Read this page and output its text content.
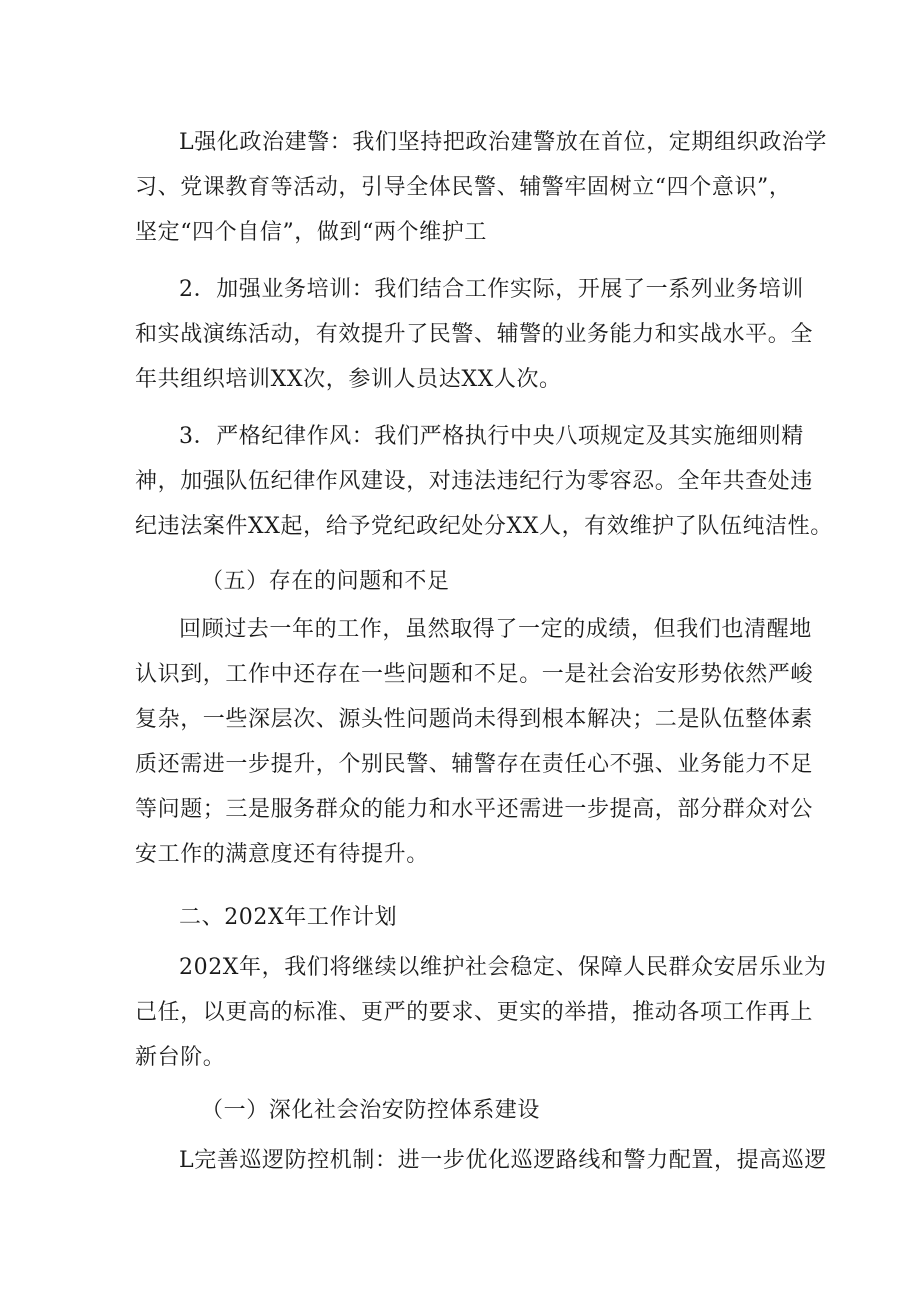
L强化政治建警：我们坚持把政治建警放在首位，定期组织政治学
习、党课教育等活动，引导全体民警、辅警牢固树立“四个意识”，
坚定“四个自信”，做到“两个维护工
2．加强业务培训：我们结合工作实际，开展了一系列业务培训
和实战演练活动，有效提升了民警、辅警的业务能力和实战水平。全
年共组织培训XX次，参训人员达XX人次。
3．严格纪律作风：我们严格执行中央八项规定及其实施细则精
神，加强队伍纪律作风建设，对违法违纪行为零容忍。全年共查处违
纪违法案件XX起，给予党纪政纪处分XX人，有效维护了队伍纯洁性。
（五）存在的问题和不足
回顾过去一年的工作，虽然取得了一定的成绩，但我们也清醒地
认识到，工作中还存在一些问题和不足。一是社会治安形势依然严峻
复杂，一些深层次、源头性问题尚未得到根本解决；二是队伍整体素
质还需进一步提升，个别民警、辅警存在责任心不强、业务能力不足
等问题；三是服务群众的能力和水平还需进一步提高，部分群众对公
安工作的满意度还有待提升。
二、202X年工作计划
202X年，我们将继续以维护社会稳定、保障人民群众安居乐业为
己任，以更高的标准、更严的要求、更实的举措，推动各项工作再上
新台阶。
（一）深化社会治安防控体系建设
L完善巡逻防控机制：进一步优化巡逻路线和警力配置，提高巡逻
